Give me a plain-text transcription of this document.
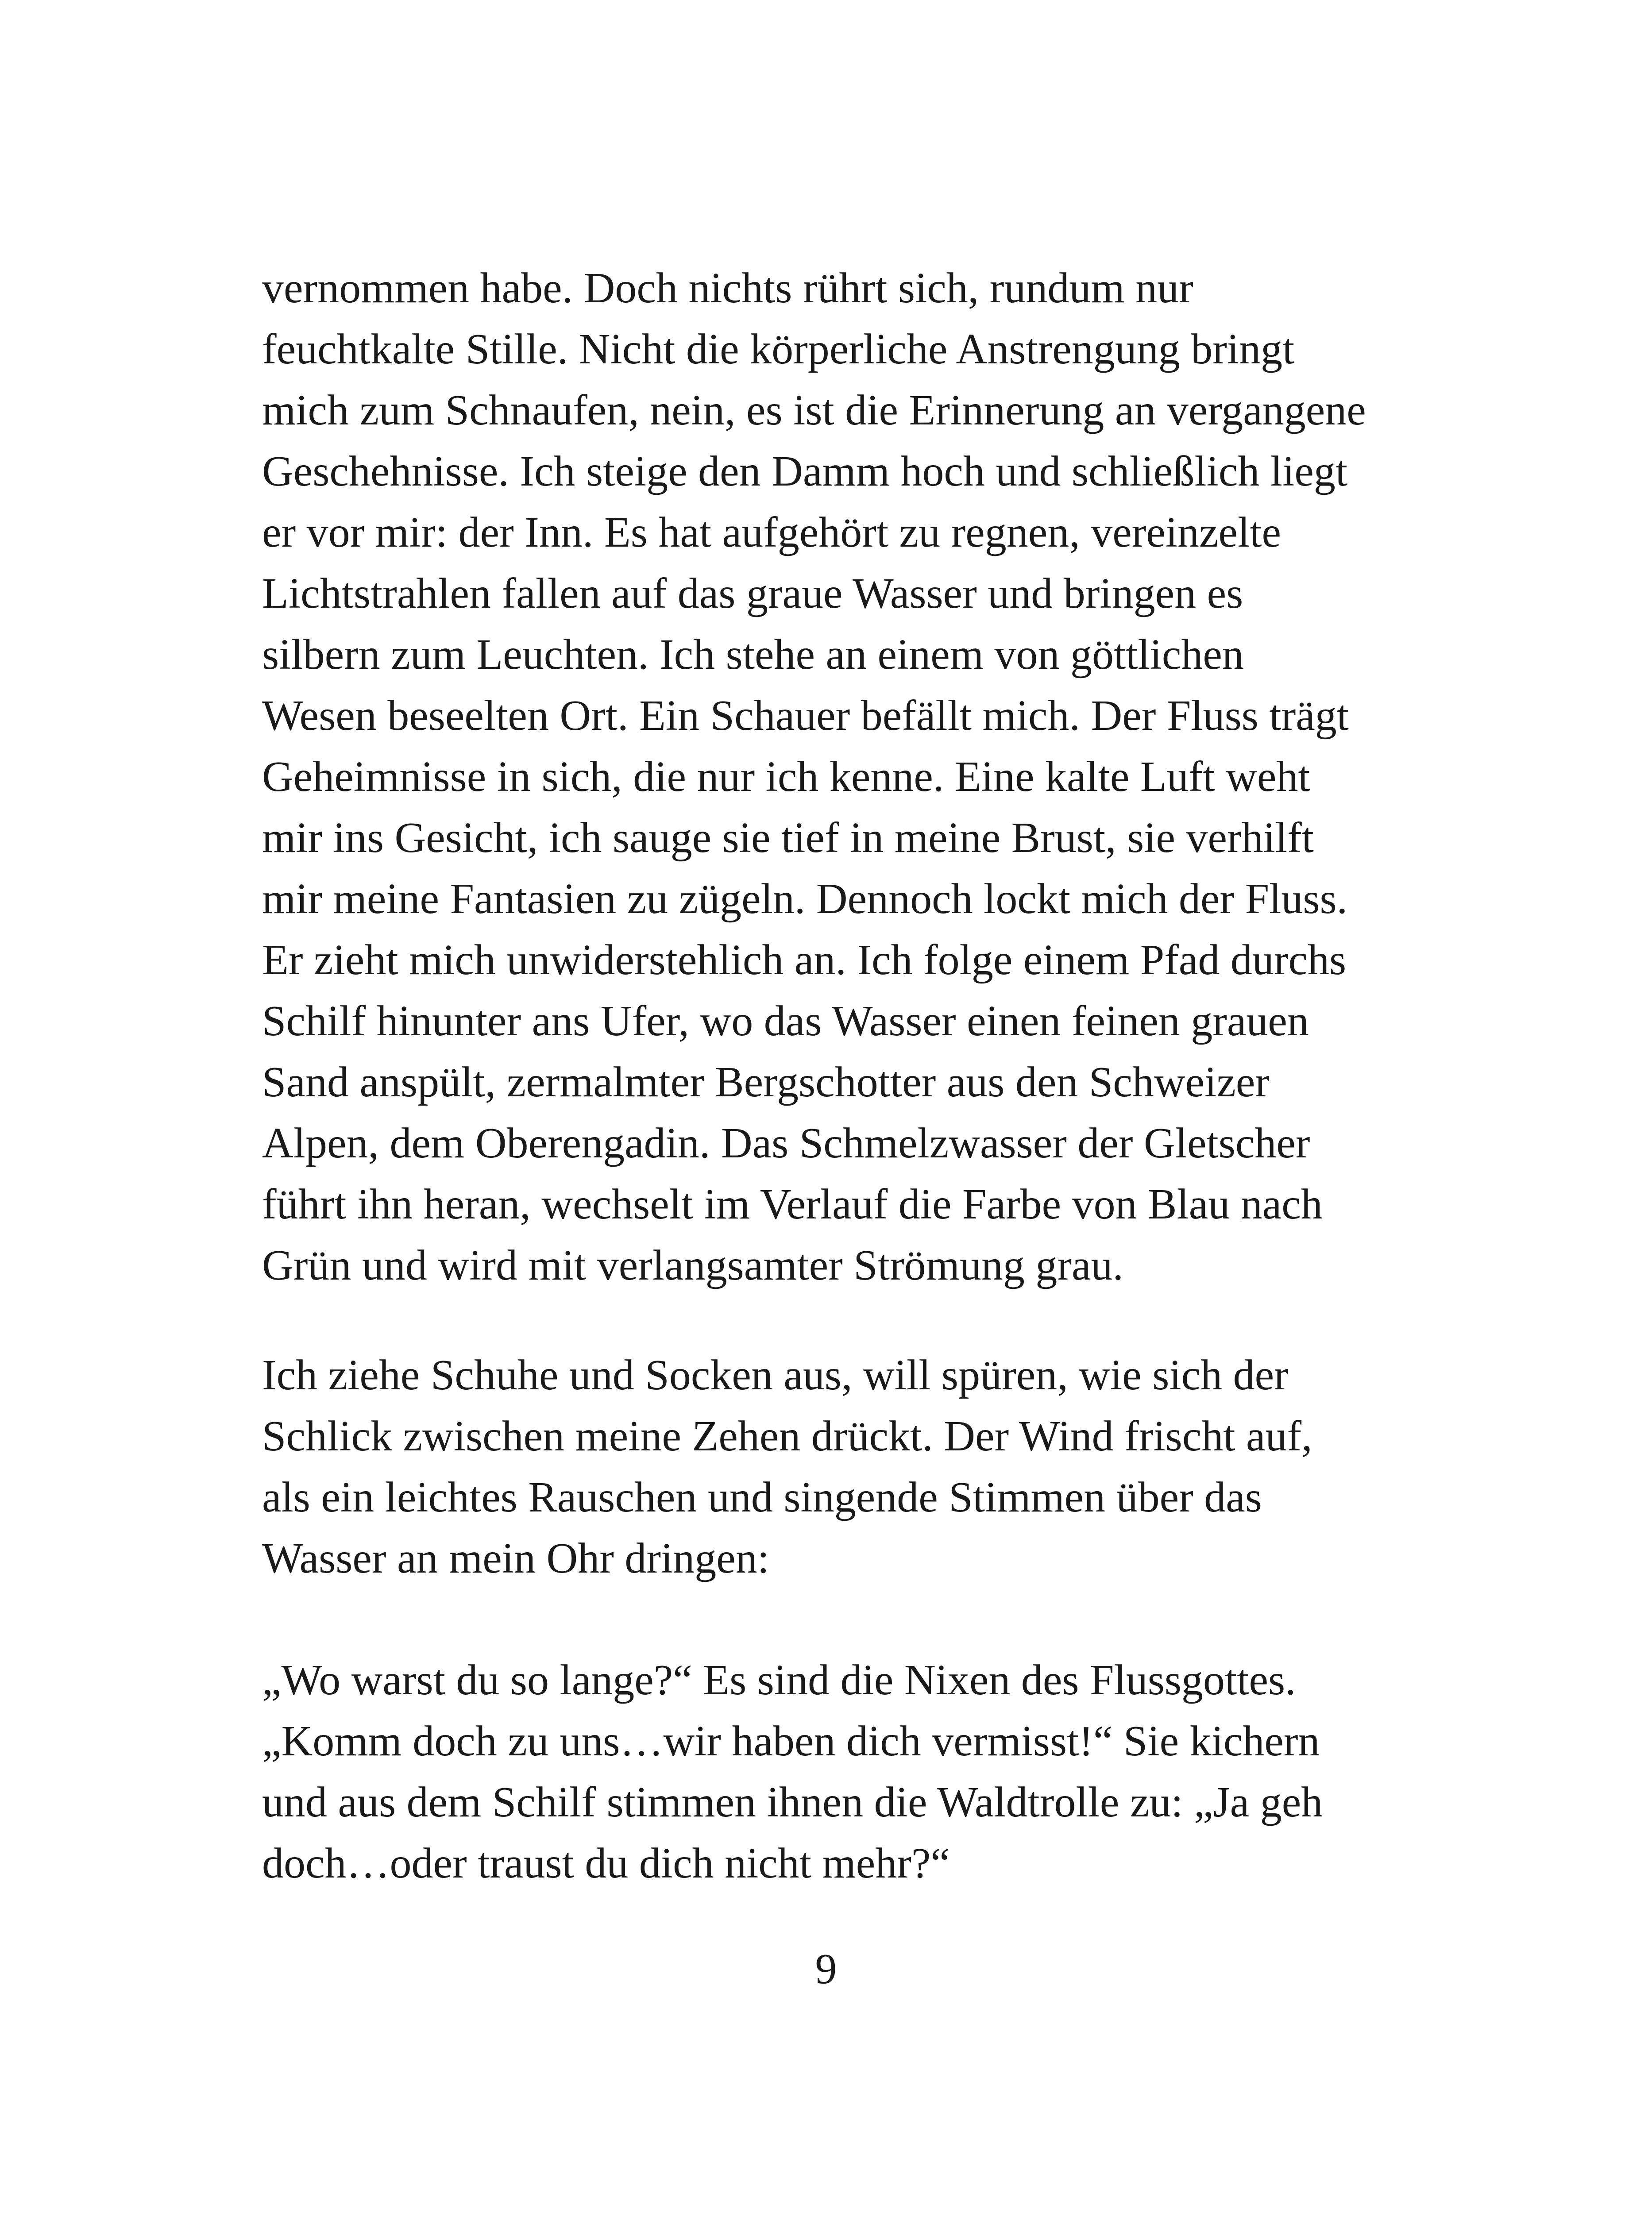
vernommen habe. Doch nichts rührt sich, rundum nur
feuchtkalte Stille. Nicht die körperliche Anstrengung bringt
mich zum Schnaufen, nein, es ist die Erinnerung an vergangene
Geschehnisse. Ich steige den Damm hoch und schließlich liegt
er vor mir: der Inn. Es hat aufgehört zu regnen, vereinzelte
Lichtstrahlen fallen auf das graue Wasser und bringen es
silbern zum Leuchten. Ich stehe an einem von göttlichen
Wesen beseelten Ort. Ein Schauer befällt mich. Der Fluss trägt
Geheimnisse in sich, die nur ich kenne. Eine kalte Luft weht
mir ins Gesicht, ich sauge sie tief in meine Brust, sie verhilft
mir meine Fantasien zu zügeln. Dennoch lockt mich der Fluss.
Er zieht mich unwiderstehlich an. Ich folge einem Pfad durchs
Schilf hinunter ans Ufer, wo das Wasser einen feinen grauen
Sand anspült, zermalmter Bergschotter aus den Schweizer
Alpen, dem Oberengadin. Das Schmelzwasser der Gletscher
führt ihn heran, wechselt im Verlauf die Farbe von Blau nach
Grün und wird mit verlangsamter Strömung grau.
Ich ziehe Schuhe und Socken aus, will spüren, wie sich der
Schlick zwischen meine Zehen drückt. Der Wind frischt auf,
als ein leichtes Rauschen und singende Stimmen über das
Wasser an mein Ohr dringen:
„Wo warst du so lange?“ Es sind die Nixen des Flussgottes.
„Komm doch zu uns…wir haben dich vermisst!“ Sie kichern
und aus dem Schilf stimmen ihnen die Waldtrolle zu: „Ja geh
doch…oder traust du dich nicht mehr?“
9
